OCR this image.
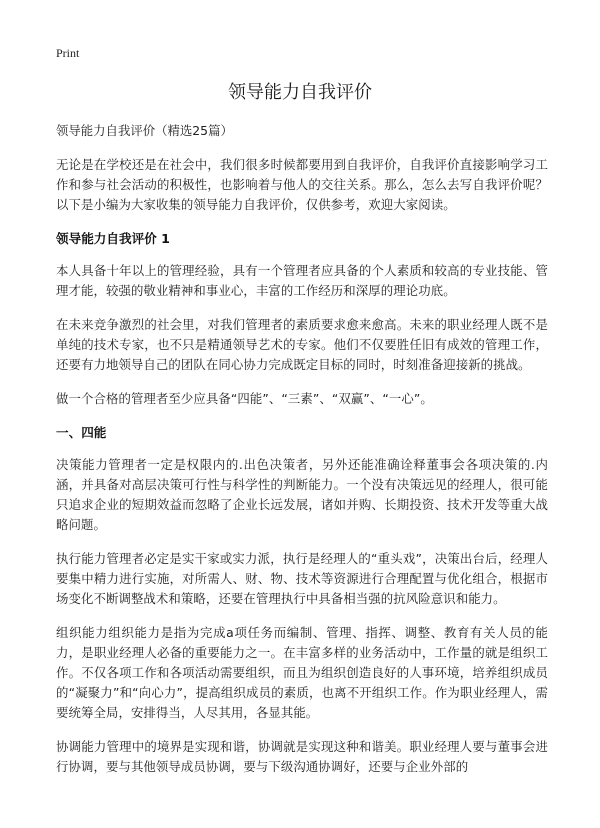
Print
领导能力自我评价

领导能力自我评价（精选25篇）

无论是在学校还是在社会中，我们很多时候都要用到自我评价，自我评价直接影响学习工作和参与社会活动的积极性，也影响着与他人的交往关系。那么，怎么去写自我评价呢？以下是小编为大家收集的领导能力自我评价，仅供参考，欢迎大家阅读。

领导能力自我评价 1

本人具备十年以上的管理经验，具有一个管理者应具备的个人素质和较高的专业技能、管理才能，较强的敬业精神和事业心，丰富的工作经历和深厚的理论功底。

在未来竞争激烈的社会里，对我们管理者的素质要求愈来愈高。未来的职业经理人既不是单纯的技术专家，也不只是精通领导艺术的专家。他们不仅要胜任旧有成效的管理工作，还要有力地领导自己的团队在同心协力完成既定目标的同时，时刻准备迎接新的挑战。

做一个合格的管理者至少应具备“四能”、“三素”、“双赢”、“一心”。

一、四能

决策能力管理者一定是权限内的.出色决策者，另外还能准确诠释董事会各项决策的.内涵，并具备对高层决策可行性与科学性的判断能力。一个没有决策远见的经理人，很可能只追求企业的短期效益而忽略了企业长远发展，诸如并购、长期投资、技术开发等重大战略问题。

执行能力管理者必定是实干家或实力派，执行是经理人的“重头戏”，决策出台后，经理人要集中精力进行实施，对所需人、财、物、技术等资源进行合理配置与优化组合，根据市场变化不断调整战术和策略，还要在管理执行中具备相当强的抗风险意识和能力。

组织能力组织能力是指为完成a项任务而编制、管理、指挥、调整、教育有关人员的能力，是职业经理人必备的重要能力之一。在丰富多样的业务活动中，工作量的就是组织工作。不仅各项工作和各项活动需要组织，而且为组织创造良好的人事环境，培养组织成员的“凝聚力”和“向心力”，提高组织成员的素质，也离不开组织工作。作为职业经理人，需要统筹全局，安排得当，人尽其用，各显其能。

协调能力管理中的境界是实现和谐，协调就是实现这种和谐美。职业经理人要与董事会进行协调，要与其他领导成员协调，要与下级沟通协调好，还要与企业外部的
